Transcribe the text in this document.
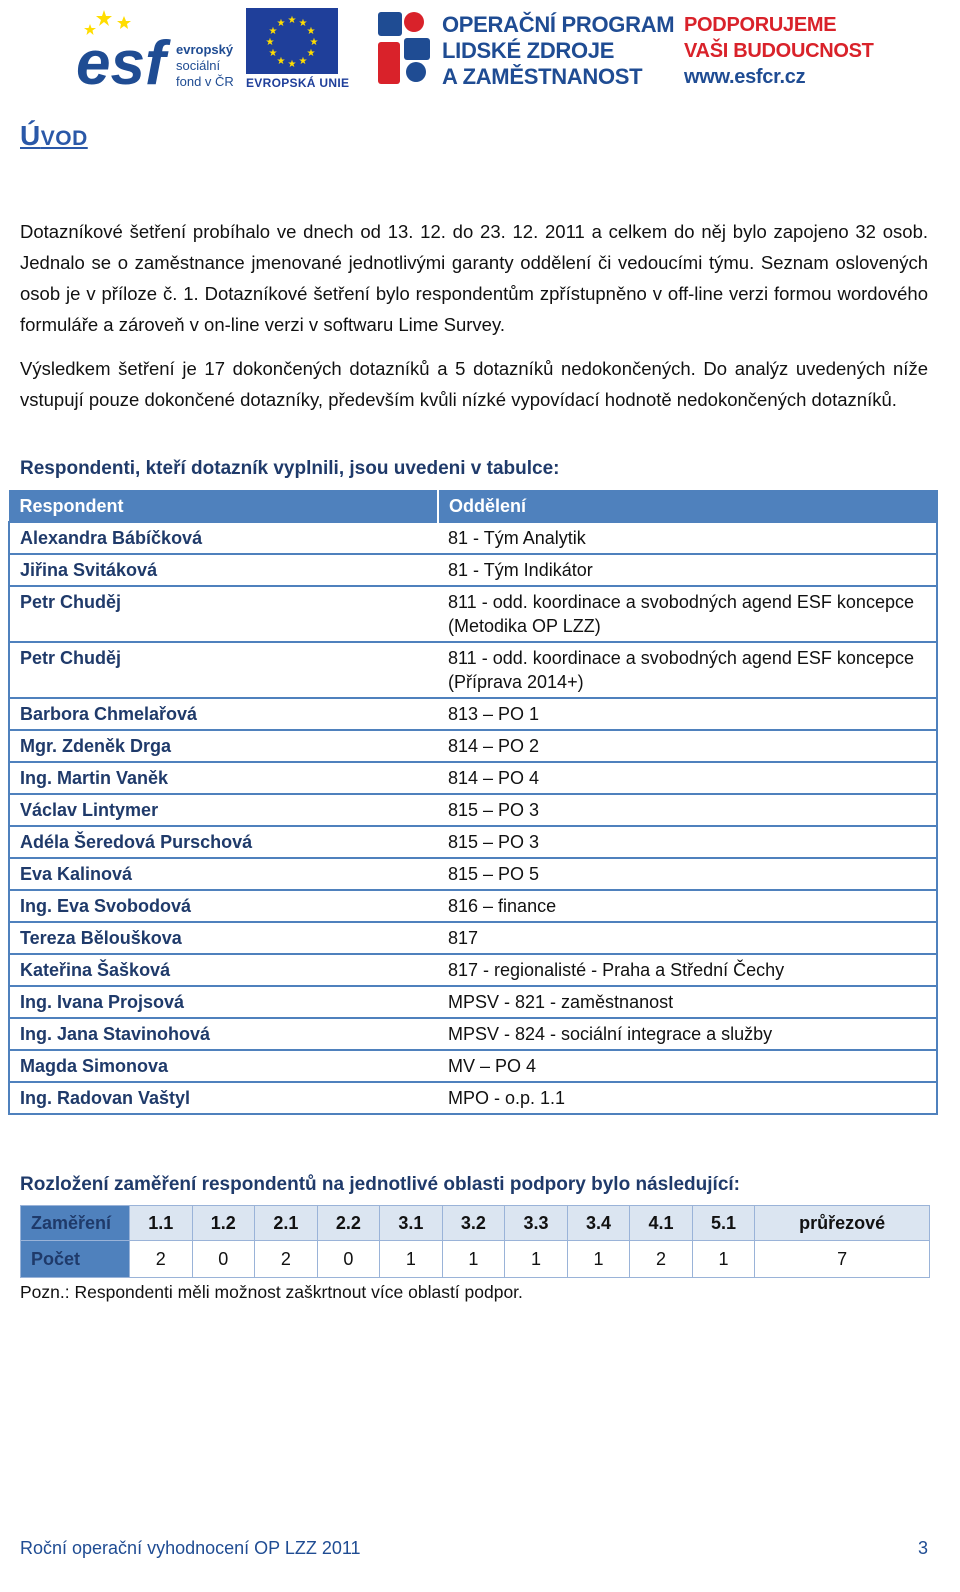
esf evropský
sociální
fond v ČR
★ ★
★
★
★
★
★
★
★
★
★
★
EVROPSKÁ UNIE
OPERAČNÍ PROGRAM
LIDSKÉ ZDROJE
A ZAMĚSTNANOST
PODPORUJEME
VAŠI BUDOUCNOST
www.esfcr.cz
ÚVOD

Dotazníkové šetření probíhalo ve dnech od 13. 12. do 23. 12. 2011 a celkem do něj bylo zapojeno 32 osob. Jednalo se o zaměstnance jmenované jednotlivými garanty oddělení či vedoucími týmu. Seznam oslovených osob je v příloze č. 1. Dotazníkové šetření bylo respondentům zpřístupněno v off-line verzi formou wordového formuláře a zároveň v on-line verzi v softwaru Lime Survey.

Výsledkem šetření je 17 dokončených dotazníků a 5 dotazníků nedokončených. Do analýz uvedených níže vstupují pouze dokončené dotazníky, především kvůli nízké vypovídací hodnotě nedokončených dotazníků.

Respondenti, kteří dotazník vyplnili, jsou uvedeni v tabulce:

Respondent	Oddělení
Alexandra Bábíčková	81 - Tým Analytik
Jiřina Svitáková	81 - Tým Indikátor
Petr Chuděj	811 - odd. koordinace a svobodných agend ESF koncepce (Metodika OP LZZ)
Petr Chuděj	811 - odd. koordinace a svobodných agend ESF koncepce (Příprava 2014+)
Barbora Chmelařová	813 – PO 1
Mgr. Zdeněk Drga	814 – PO 2
Ing. Martin Vaněk	814 – PO 4
Václav Lintymer	815 – PO 3
Adéla Šeredová Purschová	815 – PO 3
Eva Kalinová	815 – PO 5
Ing. Eva Svobodová	816 – finance
Tereza Bělouškova	817
Kateřina Šašková	817 - regionalisté - Praha a Střední Čechy
Ing. Ivana Projsová	MPSV - 821 - zaměstnanost
Ing. Jana Stavinohová	MPSV - 824 - sociální integrace a služby
Magda Simonova	MV – PO 4
Ing. Radovan Vaštyl	MPO - o.p. 1.1

Rozložení zaměření respondentů na jednotlivé oblasti podpory bylo následující:

Zaměření	1.1	1.2	2.1	2.2	3.1	3.2	3.3	3.4	4.1	5.1	průřezové
Počet	2	0	2	0	1	1	1	1	2	1	7

Pozn.: Respondenti měli možnost zaškrtnout více oblastí podpor.

Roční operační vyhodnocení OP LZZ 2011	3
